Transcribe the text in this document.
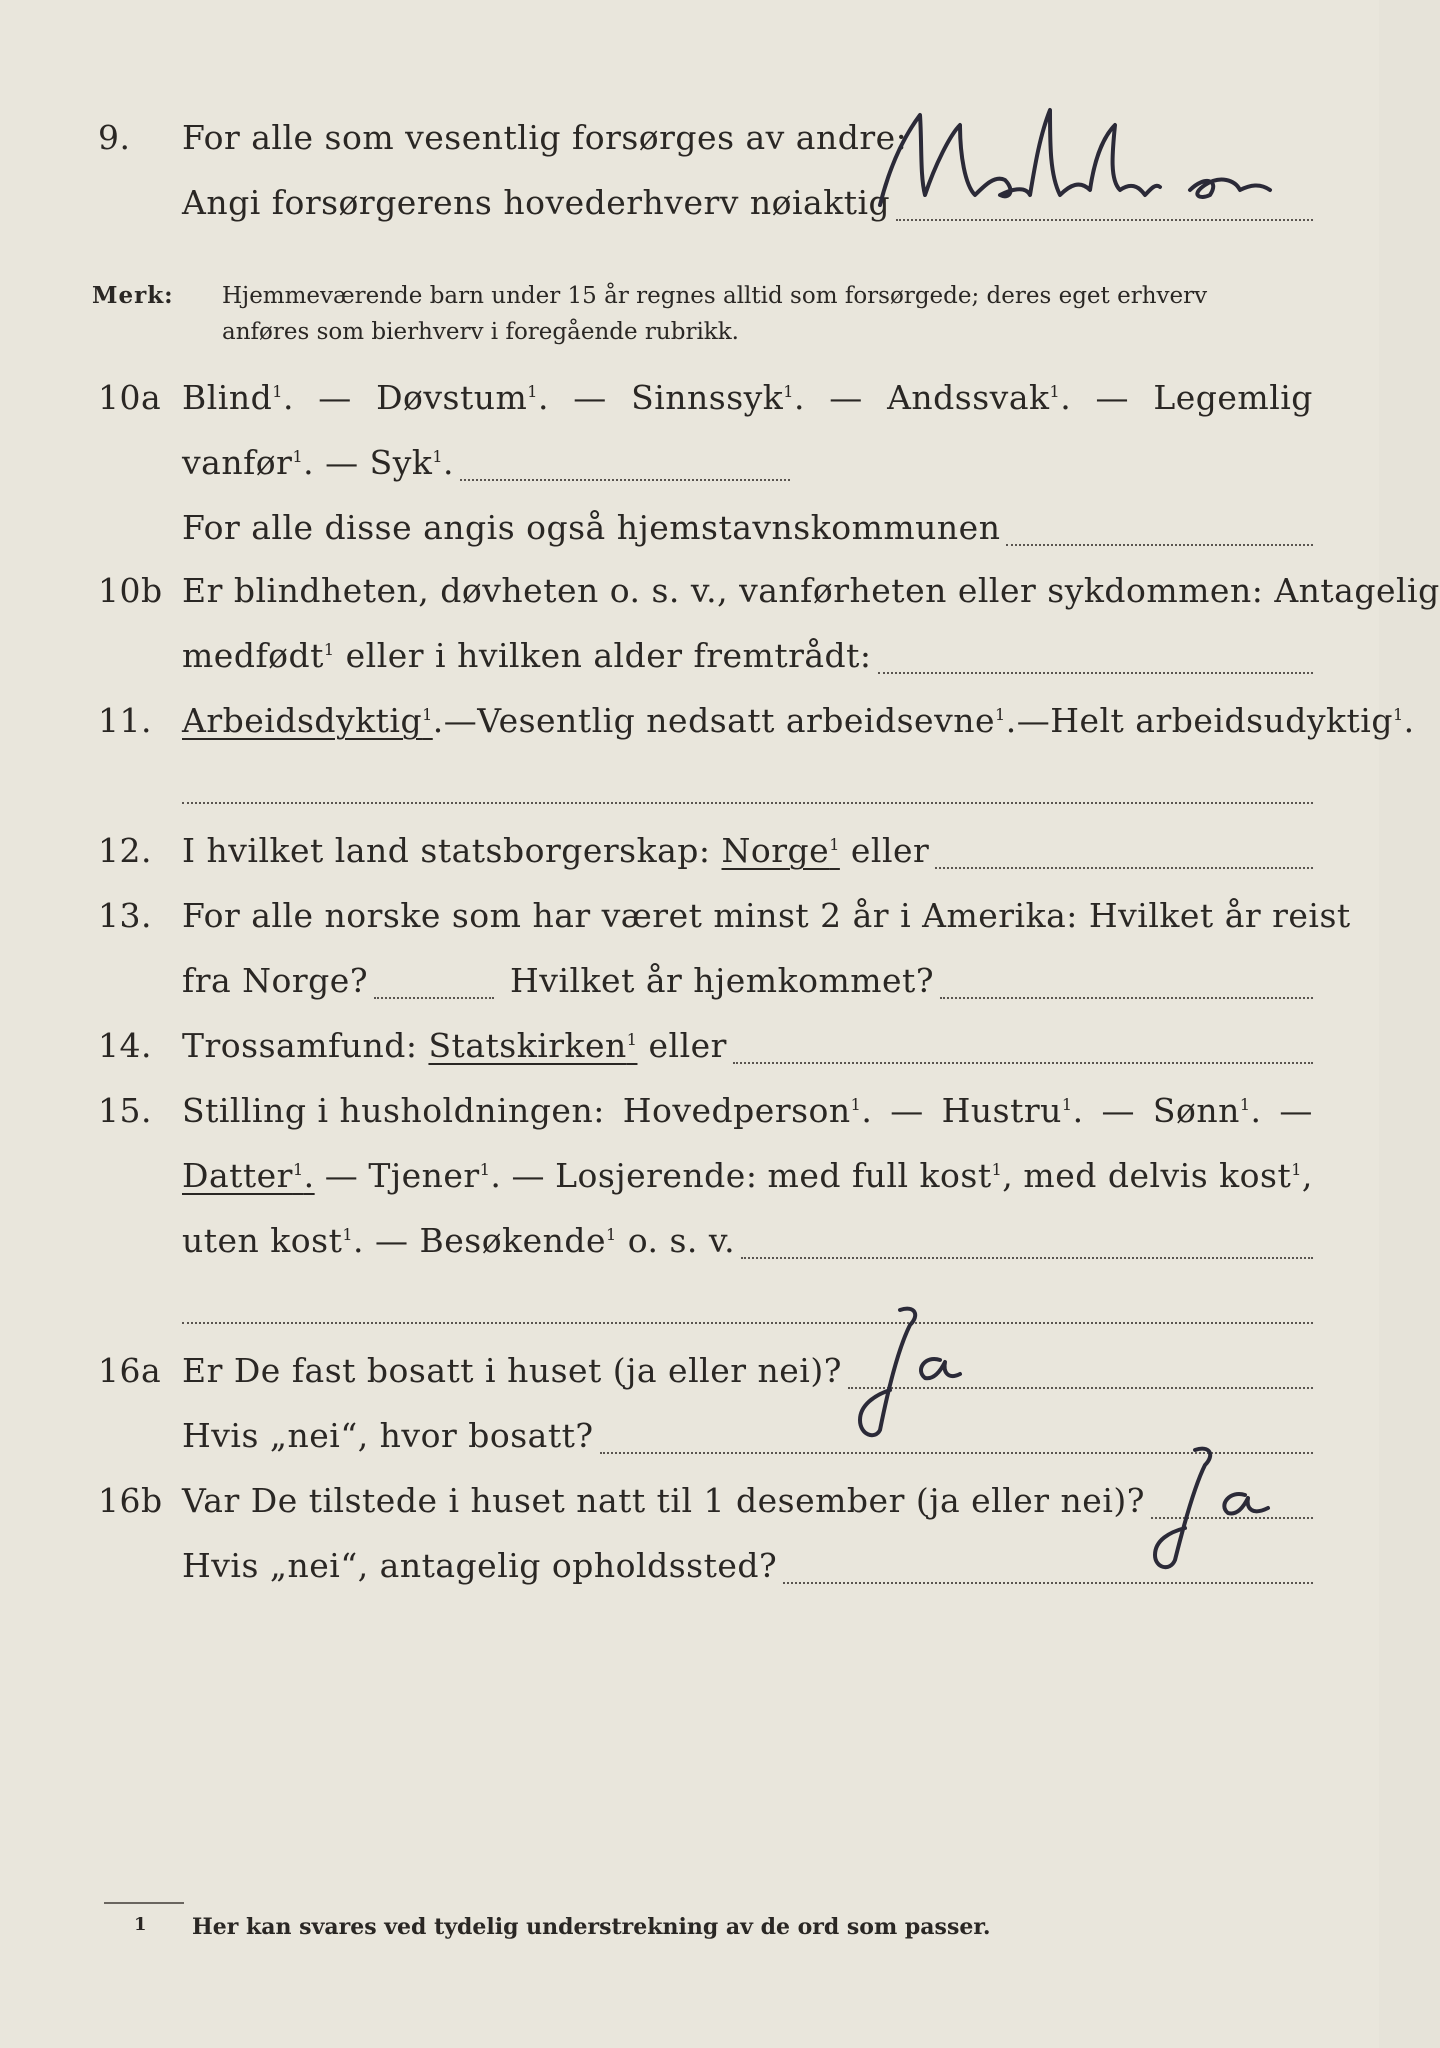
9.	For alle som vesentlig forsørges av andre:
Angi forsørgerens hovederhverv nøiaktig
Merk: Hjemmeværende barn under 15 år regnes alltid som forsørgede; deres eget erhverv
anføres som bierhverv i foregående rubrikk.
10a Blind$^1$. — Døvstum$^1$. — Sinnssyk$^1$. — Andssvak$^1$. — Legemlig
vanfør$^1$. — Syk$^1$.
For alle disse angis også hjemstavnskommunen
10b Er blindheten, døvheten o. s. v., vanførheten eller sykdommen: Antagelig
medfødt$^1$
eller i hvilken alder fremtrådt:
11. Arbeidsdyktig$^1$ .— Vesentlig nedsatt arbeidsevne$^1$. — Helt arbeidsudyktig$^1$.
12. I hvilket land statsborgerskap:
Norge$^1$
eller
13. For alle norske som har været minst 2 år i Amerika: Hvilket år reist
fra Norge?	Hvilket år hjemkommet?
14. Trossamfund:
Statskirken$^1$
eller
15. Stilling i husholdningen: Hovedperson$^1$. — Hustru$^1$. — Sønn$^1$. —
Datter$^1$. — Tjener$^1$. — Losjerende: med full kost$^1$, med delvis kost$^1$,
uten kost$^1$. — Besøkende$^1$
o. s. v.
16a Er De fast bosatt i huset (ja eller nei)?
Hvis „nei“, hvor bosatt?
16b Var De tilstede i huset natt til 1 desember (ja eller nei)?
Hvis „nei“, antagelig opholdssted?
1 Her kan svares ved tydelig understrekning av de ord som passer.
